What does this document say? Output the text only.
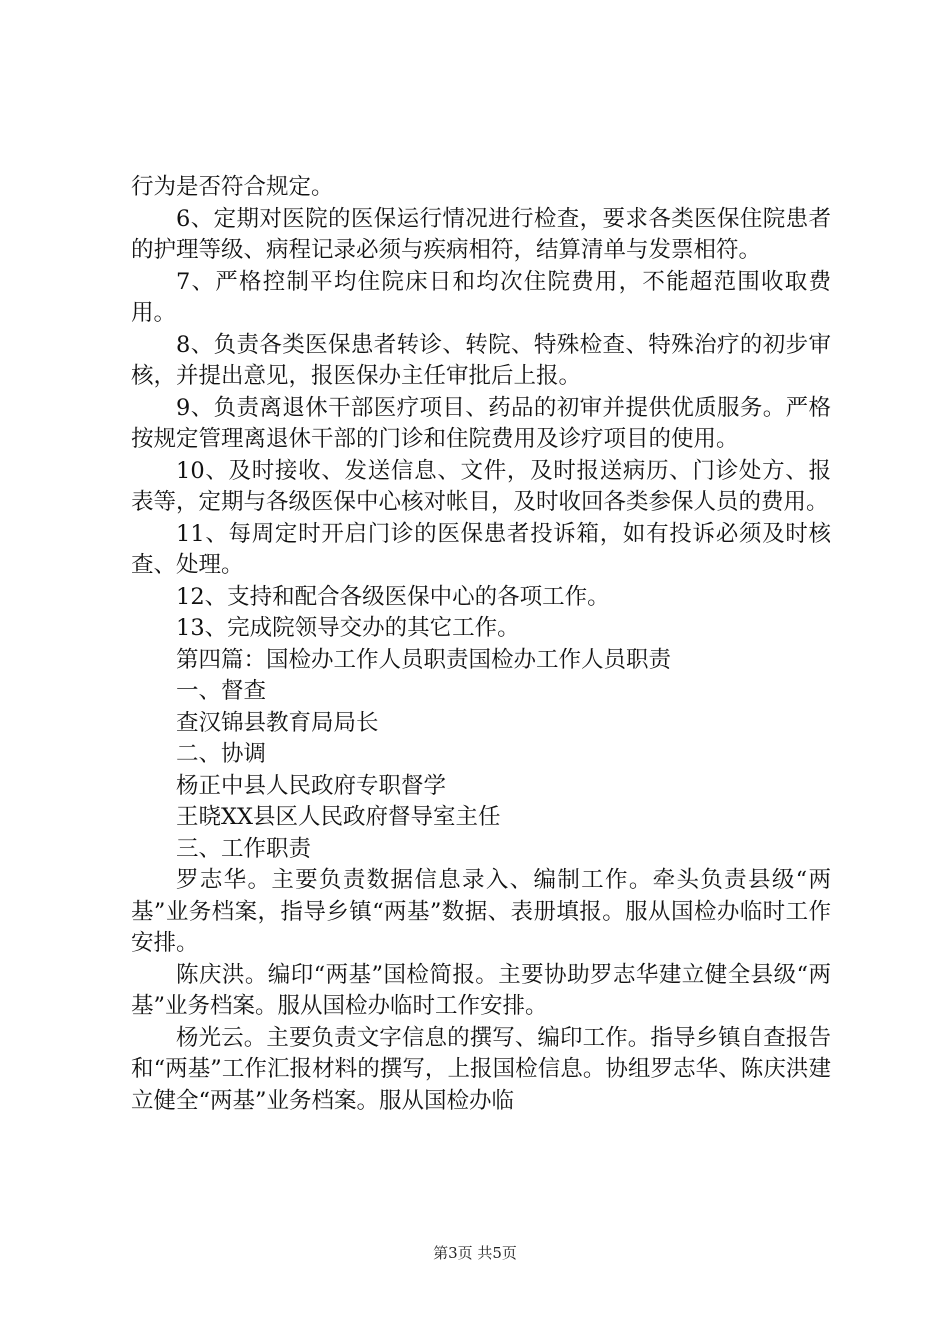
行为是否符合规定。

6、定期对医院的医保运行情况进行检查，要求各类医保住院患者的护理等级、病程记录必须与疾病相符，结算清单与发票相符。

7、严格控制平均住院床日和均次住院费用，不能超范围收取费用。

8、负责各类医保患者转诊、转院、特殊检查、特殊治疗的初步审核，并提出意见，报医保办主任审批后上报。

9、负责离退休干部医疗项目、药品的初审并提供优质服务。严格按规定管理离退休干部的门诊和住院费用及诊疗项目的使用。

10、及时接收、发送信息、文件，及时报送病历、门诊处方、报表等，定期与各级医保中心核对帐目，及时收回各类参保人员的费用。

11、每周定时开启门诊的医保患者投诉箱，如有投诉必须及时核查、处理。

12、支持和配合各级医保中心的各项工作。

13、完成院领导交办的其它工作。

第四篇：国检办工作人员职责国检办工作人员职责

一、督查

查汉锦县教育局局长

二、协调

杨正中县人民政府专职督学

王晓XX县区人民政府督导室主任

三、工作职责

罗志华。主要负责数据信息录入、编制工作。牵头负责县级“两基”业务档案，指导乡镇“两基”数据、表册填报。服从国检办临时工作安排。

陈庆洪。编印“两基”国检简报。主要协助罗志华建立健全县级“两基”业务档案。服从国检办临时工作安排。

杨光云。主要负责文字信息的撰写、编印工作。指导乡镇自查报告和“两基”工作汇报材料的撰写，上报国检信息。协组罗志华、陈庆洪建立健全“两基”业务档案。服从国检办临

第3页 共5页
